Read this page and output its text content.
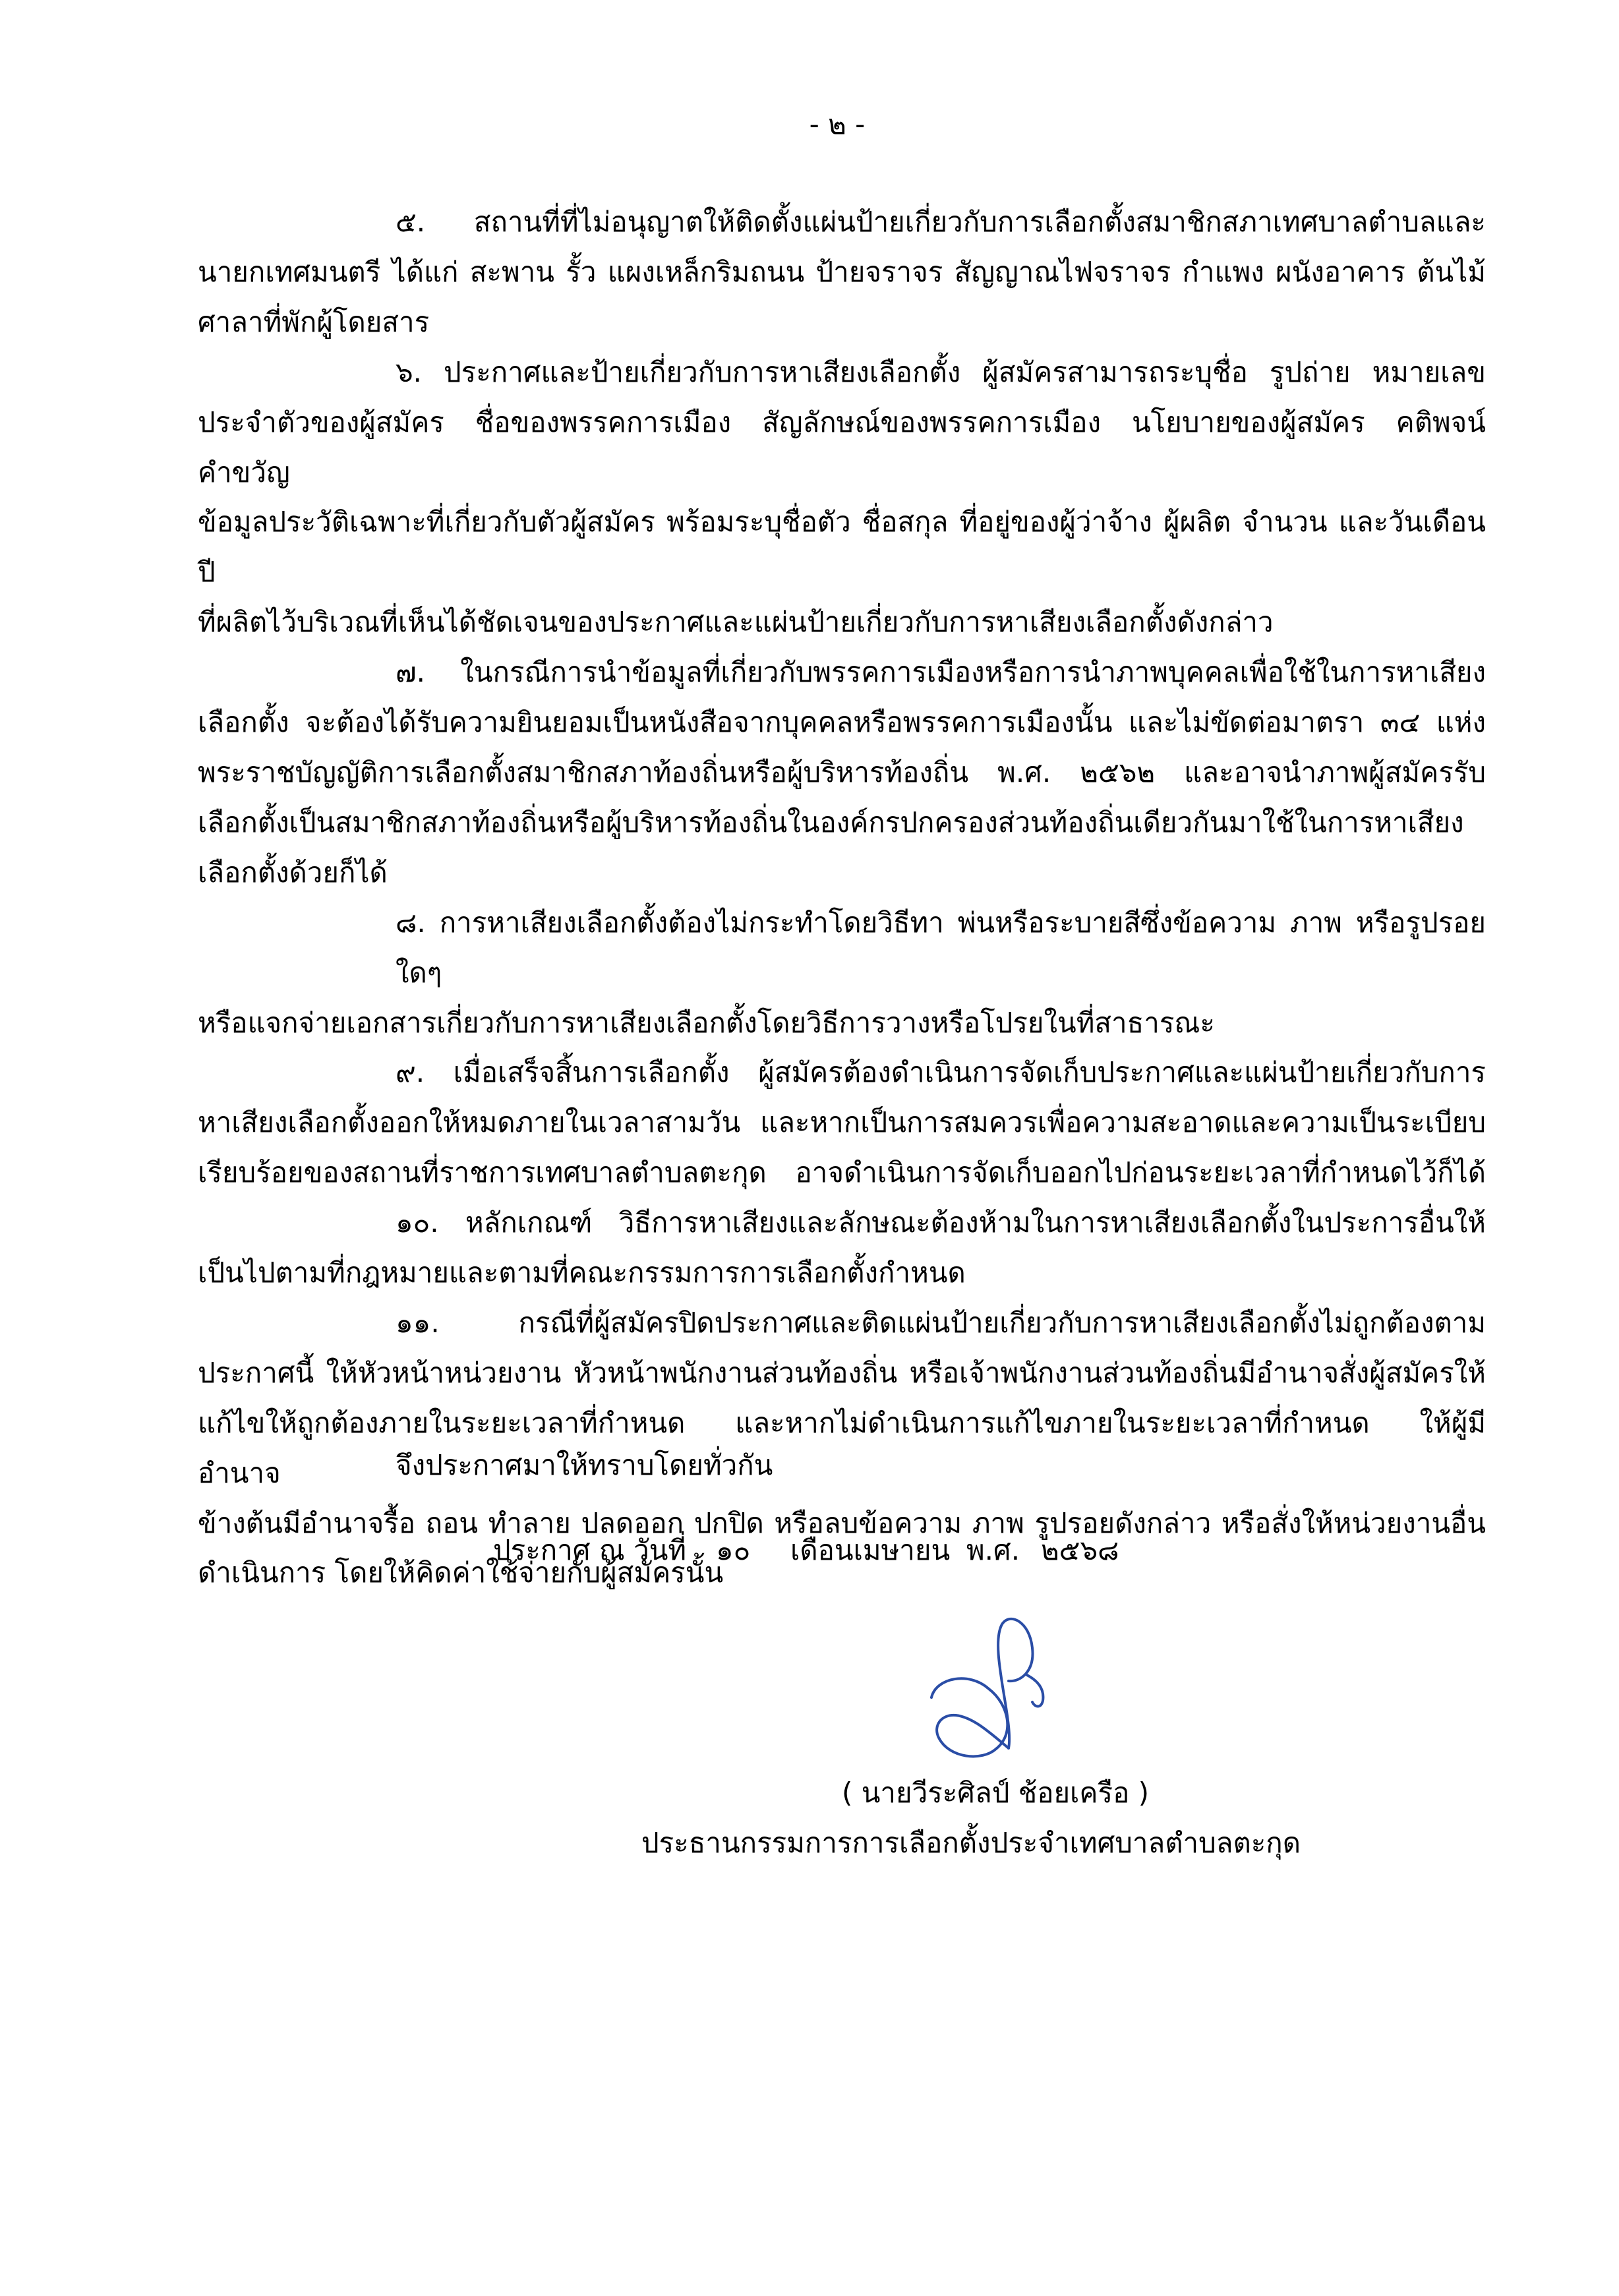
- ๒ -
๕. สถานที่ที่ไม่อนุญาตให้ติดตั้งแผ่นป้ายเกี่ยวกับการเลือกตั้งสมาชิกสภาเทศบาลตำบลและ
นายกเทศมนตรี ได้แก่ สะพาน รั้ว แผงเหล็กริมถนน ป้ายจราจร สัญญาณไฟจราจร กำแพง ผนังอาคาร ต้นไม้
ศาลาที่พักผู้โดยสาร
๖. ประกาศและป้ายเกี่ยวกับการหาเสียงเลือกตั้ง ผู้สมัครสามารถระบุชื่อ รูปถ่าย หมายเลข
ประจำตัวของผู้สมัคร ชื่อของพรรคการเมือง สัญลักษณ์ของพรรคการเมือง นโยบายของผู้สมัคร คติพจน์ คำขวัญ
ข้อมูลประวัติเฉพาะที่เกี่ยวกับตัวผู้สมัคร พร้อมระบุชื่อตัว ชื่อสกุล ที่อยู่ของผู้ว่าจ้าง ผู้ผลิต จำนวน และวันเดือนปี
ที่ผลิตไว้บริเวณที่เห็นได้ชัดเจนของประกาศและแผ่นป้ายเกี่ยวกับการหาเสียงเลือกตั้งดังกล่าว
๗. ในกรณีการนำข้อมูลที่เกี่ยวกับพรรคการเมืองหรือการนำภาพบุคคลเพื่อใช้ในการหาเสียง
เลือกตั้ง จะต้องได้รับความยินยอมเป็นหนังสือจากบุคคลหรือพรรคการเมืองนั้น และไม่ขัดต่อมาตรา ๓๔ แห่ง
พระราชบัญญัติการเลือกตั้งสมาชิกสภาท้องถิ่นหรือผู้บริหารท้องถิ่น พ.ศ. ๒๕๖๒ และอาจนำภาพผู้สมัครรับ
เลือกตั้งเป็นสมาชิกสภาท้องถิ่นหรือผู้บริหารท้องถิ่นในองค์กรปกครองส่วนท้องถิ่นเดียวกันมาใช้ในการหาเสียง
เลือกตั้งด้วยก็ได้
๘. การหาเสียงเลือกตั้งต้องไม่กระทำโดยวิธีทา พ่นหรือระบายสีซึ่งข้อความ ภาพ หรือรูปรอยใดๆ
หรือแจกจ่ายเอกสารเกี่ยวกับการหาเสียงเลือกตั้งโดยวิธีการวางหรือโปรยในที่สาธารณะ
๙. เมื่อเสร็จสิ้นการเลือกตั้ง ผู้สมัครต้องดำเนินการจัดเก็บประกาศและแผ่นป้ายเกี่ยวกับการ
หาเสียงเลือกตั้งออกให้หมดภายในเวลาสามวัน และหากเป็นการสมควรเพื่อความสะอาดและความเป็นระเบียบ
เรียบร้อยของสถานที่ราชการเทศบาลตำบลตะกุด อาจดำเนินการจัดเก็บออกไปก่อนระยะเวลาที่กำหนดไว้ก็ได้
๑๐. หลักเกณฑ์ วิธีการหาเสียงและลักษณะต้องห้ามในการหาเสียงเลือกตั้งในประการอื่นให้
เป็นไปตามที่กฎหมายและตามที่คณะกรรมการการเลือกตั้งกำหนด
๑๑. กรณีที่ผู้สมัครปิดประกาศและติดแผ่นป้ายเกี่ยวกับการหาเสียงเลือกตั้งไม่ถูกต้องตาม
ประกาศนี้ ให้หัวหน้าหน่วยงาน หัวหน้าพนักงานส่วนท้องถิ่น หรือเจ้าพนักงานส่วนท้องถิ่นมีอำนาจสั่งผู้สมัครให้
แก้ไขให้ถูกต้องภายในระยะเวลาที่กำหนด และหากไม่ดำเนินการแก้ไขภายในระยะเวลาที่กำหนด ให้ผู้มีอำนาจ
ข้างต้นมีอำนาจรื้อ ถอน ทำลาย ปลดออก ปกปิด หรือลบข้อความ ภาพ รูปรอยดังกล่าว หรือสั่งให้หน่วยงานอื่น
ดำเนินการ โดยให้คิดค่าใช้จ่ายกับผู้สมัครนั้น
จึงประกาศมาให้ทราบโดยทั่วกัน
ประกาศ ณ วันที่ ๑๐ เดือนเมษายน พ.ศ. ๒๕๖๘
( นายวีระศิลป์ ช้อยเครือ )
ประธานกรรมการการเลือกตั้งประจำเทศบาลตำบลตะกุด
